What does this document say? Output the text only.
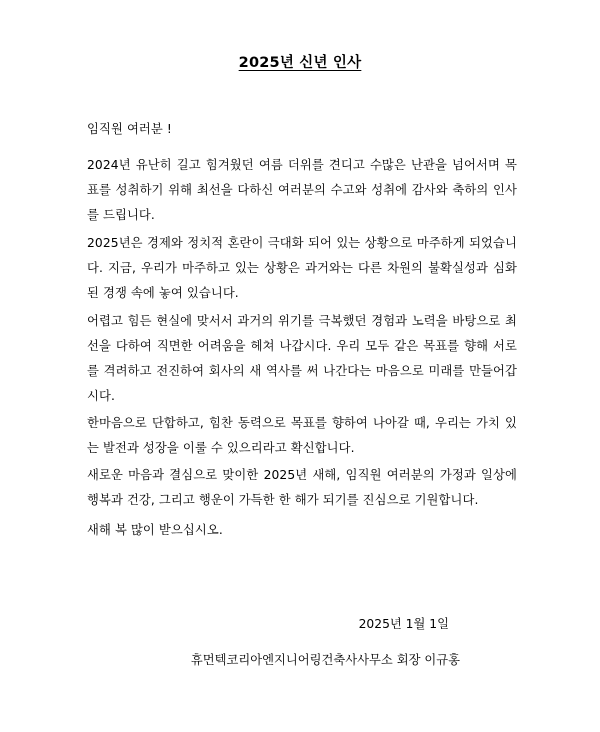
2025년 신년 인사

임직원 여러분 !

2024년 유난히 길고 힘겨웠던 여름 더위를 견디고 수많은 난관을 넘어서며 목표를 성취하기 위해 최선을 다하신 여러분의 수고와 성취에 감사와 축하의 인사를 드립니다.

2025년은 경제와 정치적 혼란이 극대화 되어 있는 상황으로 마주하게 되었습니다. 지금, 우리가 마주하고 있는 상황은 과거와는 다른 차원의 불확실성과 심화된 경쟁 속에 놓여 있습니다.

어렵고 힘든 현실에 맞서서 과거의 위기를 극복했던 경험과 노력을 바탕으로 최선을 다하여 직면한 어려움을 헤쳐 나갑시다. 우리 모두 같은 목표를 향해 서로를 격려하고 전진하여 회사의 새 역사를 써 나간다는 마음으로 미래를 만들어갑시다.

한마음으로 단합하고, 힘찬 동력으로 목표를 향하여 나아갈 때, 우리는 가치 있는 발전과 성장을 이룰 수 있으리라고 확신합니다.

새로운 마음과 결심으로 맞이한 2025년 새해, 임직원 여러분의 가정과 일상에 행복과 건강, 그리고 행운이 가득한 한 해가 되기를 진심으로 기원합니다.

새해 복 많이 받으십시오.

2025년 1월 1일
휴먼텍코리아엔지니어링건축사사무소 회장 이규홍
